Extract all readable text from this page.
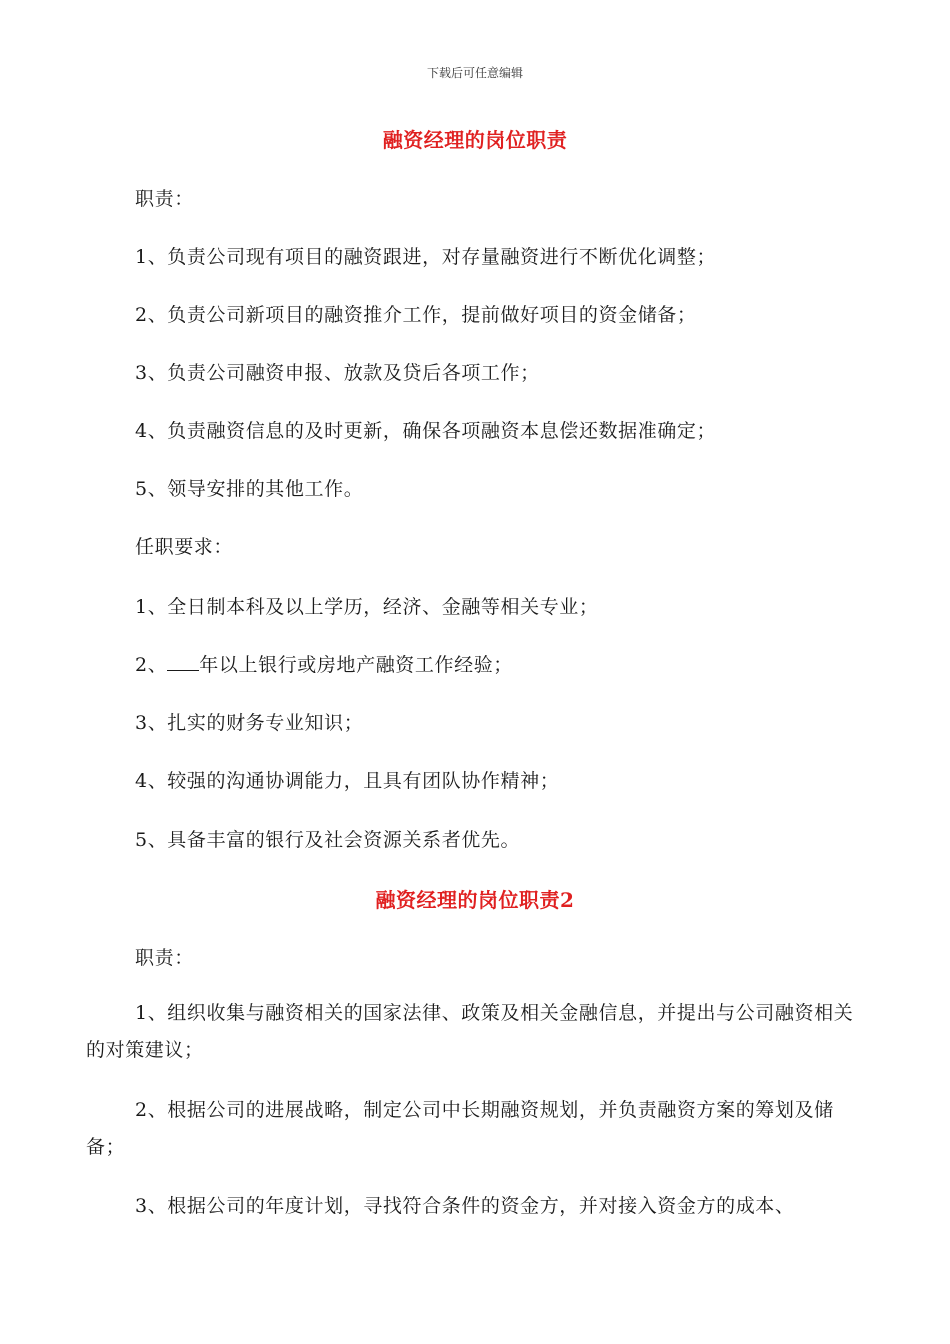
下载后可任意编辑
融资经理的岗位职责
职责：
1、负责公司现有项目的融资跟进，对存量融资进行不断优化调整；
2、负责公司新项目的融资推介工作，提前做好项目的资金储备；
3、负责公司融资申报、放款及贷后各项工作；
4、负责融资信息的及时更新，确保各项融资本息偿还数据准确定；
5、领导安排的其他工作。
任职要求：
1、全日制本科及以上学历，经济、金融等相关专业；
2、 年以上银行或房地产融资工作经验；
3、扎实的财务专业知识；
4、较强的沟通协调能力，且具有团队协作精神；
5、具备丰富的银行及社会资源关系者优先。
融资经理的岗位职责2
职责：
1、组织收集与融资相关的国家法律、政策及相关金融信息，并提出与公司融资相关的对策建议；
2、根据公司的进展战略，制定公司中长期融资规划，并负责融资方案的筹划及储备；
3、根据公司的年度计划，寻找符合条件的资金方，并对接入资金方的成本、
